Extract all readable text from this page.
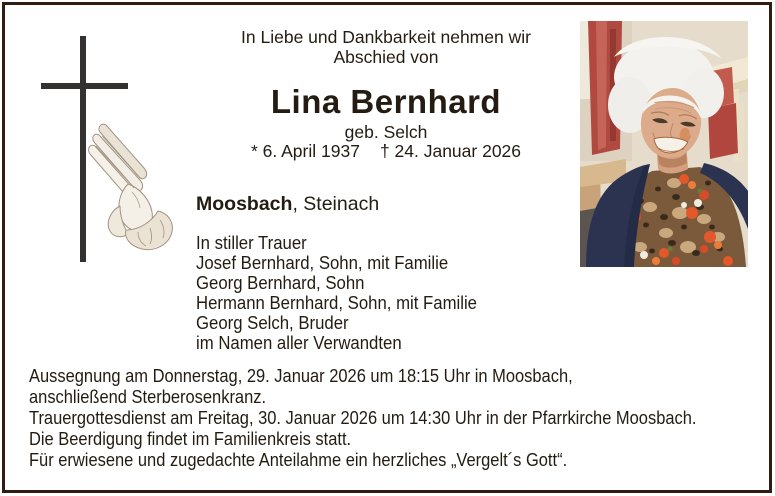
In Liebe und Dankbarkeit nehmen wir
Abschied von
Lina Bernhard
geb. Selch
* 6. April 1937 † 24. Januar 2026
Moosbach, Steinach
In stiller Trauer
Josef Bernhard, Sohn, mit Familie
Georg Bernhard, Sohn
Hermann Bernhard, Sohn, mit Familie
Georg Selch, Bruder
im Namen aller Verwandten
Aussegnung am Donnerstag, 29. Januar 2026 um 18:15 Uhr in Moosbach,
anschließend Sterberosenkranz.
Trauergottesdienst am Freitag, 30. Januar 2026 um 14:30 Uhr in der Pfarrkirche Moosbach.
Die Beerdigung findet im Familienkreis statt.
Für erwiesene und zugedachte Anteilahme ein herzliches „Vergelt´s Gott“.
